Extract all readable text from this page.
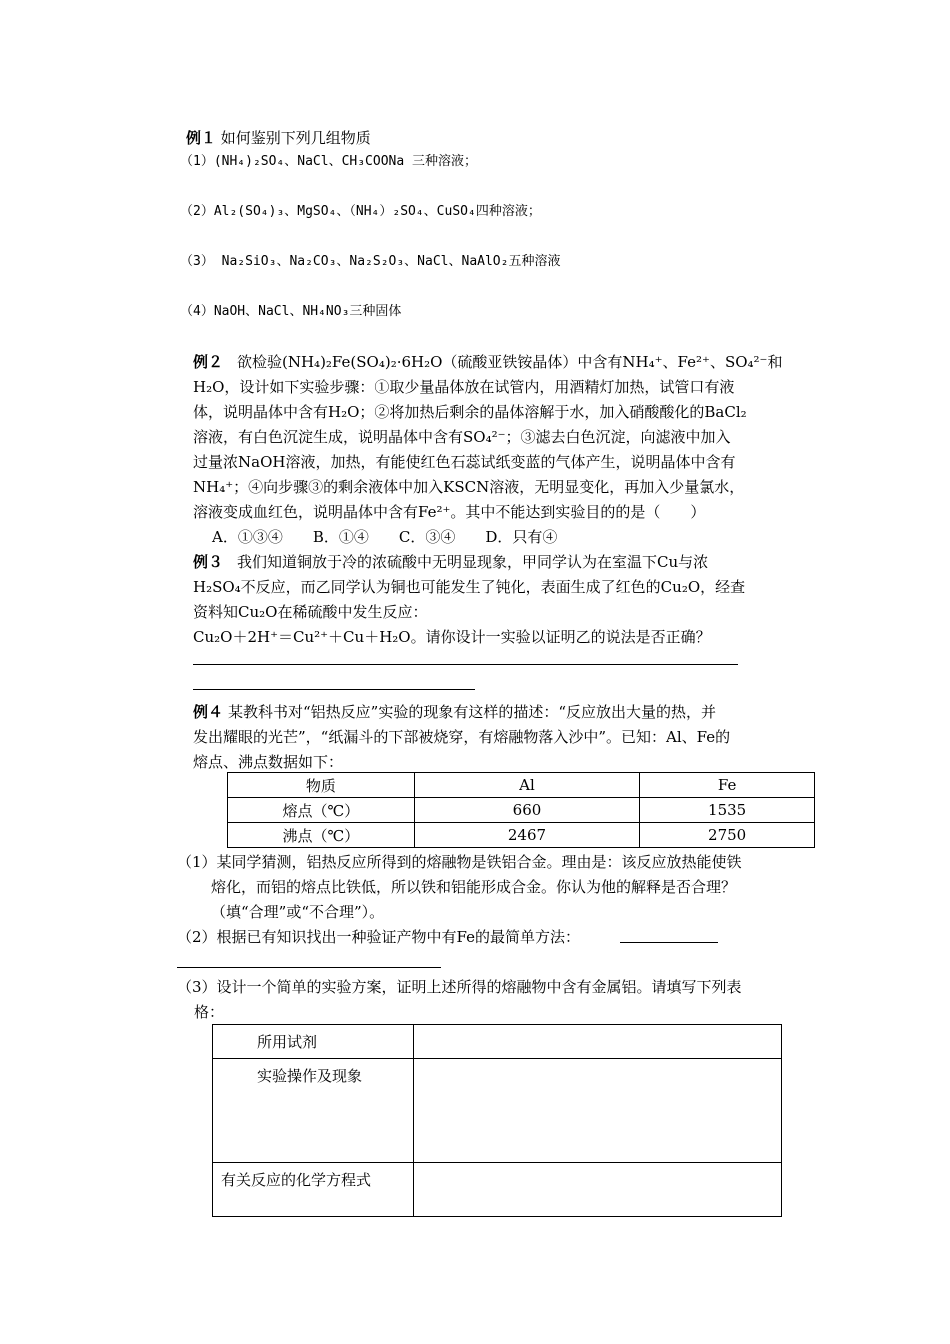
例１ 如何鉴别下列几组物质
（1）(NH₄)₂SO₄、NaCl、CH₃COONa 三种溶液；
（2）Al₂(SO₄)₃、MgSO₄、（NH₄）₂SO₄、CuSO₄四种溶液；
（3） Na₂SiO₃、Na₂CO₃、Na₂S₂O₃、NaCl、NaAlO₂五种溶液
（4）NaOH、NaCl、NH₄NO₃三种固体
例２ 欲检验(NH₄)₂Fe(SO₄)₂·6H₂O（硫酸亚铁铵晶体）中含有NH₄⁺、Fe²⁺、SO₄²⁻和
H₂O，设计如下实验步骤：①取少量晶体放在试管内，用酒精灯加热，试管口有液
体，说明晶体中含有H₂O；②将加热后剩余的晶体溶解于水，加入硝酸酸化的BaCl₂
溶液，有白色沉淀生成，说明晶体中含有SO₄²⁻；③滤去白色沉淀，向滤液中加入
过量浓NaOH溶液，加热，有能使红色石蕊试纸变蓝的气体产生，说明晶体中含有
NH₄⁺；④向步骤③的剩余液体中加入KSCN溶液，无明显变化，再加入少量氯水，
溶液变成血红色，说明晶体中含有Fe²⁺。其中不能达到实验目的的是（　　）
A．①③④　　B．①④　　C．③④　　D．只有④
例３ 我们知道铜放于冷的浓硫酸中无明显现象，甲同学认为在室温下Cu与浓
H₂SO₄不反应，而乙同学认为铜也可能发生了钝化，表面生成了红色的Cu₂O，经查
资料知Cu₂O在稀硫酸中发生反应：
Cu₂O＋2H⁺＝Cu²⁺＋Cu＋H₂O。请你设计一实验以证明乙的说法是否正确？
例４ 某教科书对“铝热反应”实验的现象有这样的描述：“反应放出大量的热，并
发出耀眼的光芒”，“纸漏斗的下部被烧穿，有熔融物落入沙中”。已知：Al、Fe的
熔点、沸点数据如下：
物质	Al	Fe
熔点（℃）	660	1535
沸点（℃）	2467	2750
（1）某同学猜测，铝热反应所得到的熔融物是铁铝合金。理由是：该反应放热能使铁
熔化，而铝的熔点比铁低，所以铁和铝能形成合金。你认为他的解释是否合理？
（填“合理”或“不合理”）。
（2）根据已有知识找出一种验证产物中有Fe的最简单方法：
（3）设计一个简单的实验方案，证明上述所得的熔融物中含有金属铝。请填写下列表
格：
所用试剂	
实验操作及现象	
有关反应的化学方程式	
